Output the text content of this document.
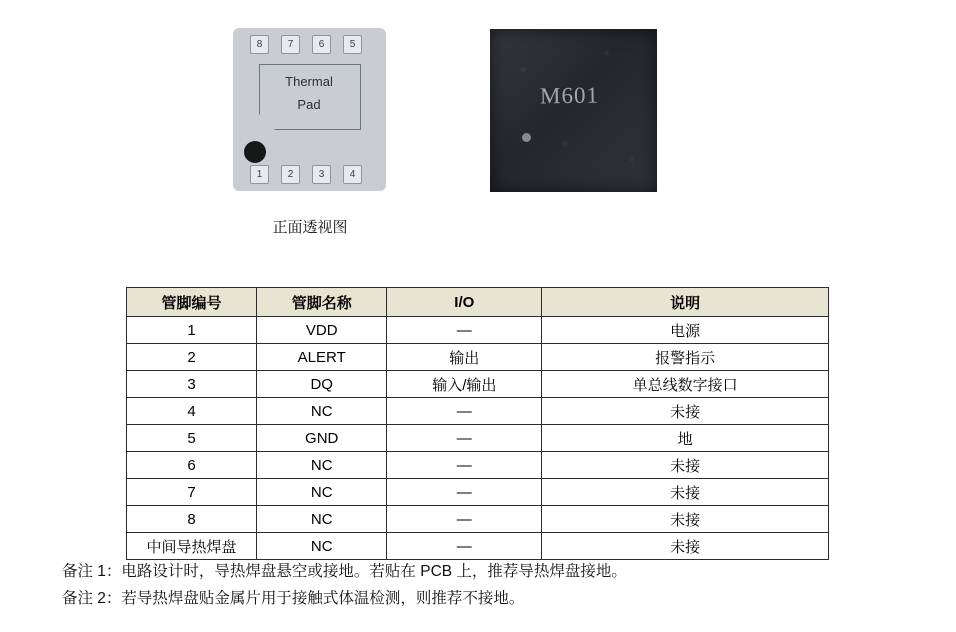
8	7	6	5
Thermal
Pad
1	2	3	4
M601
正面透视图
管脚编号	管脚名称	I/O	说明
1	VDD	—	电源
2	ALERT	输出	报警指示
3	DQ	输入/输出	单总线数字接口
4	NC	—	未接
5	GND	—	地
6	NC	—	未接
7	NC	—	未接
8	NC	—	未接
中间导热焊盘	NC	—	未接
备注 1：电路设计时，导热焊盘悬空或接地。若贴在 PCB 上，推荐导热焊盘接地。
备注 2：若导热焊盘贴金属片用于接触式体温检测，则推荐不接地。
